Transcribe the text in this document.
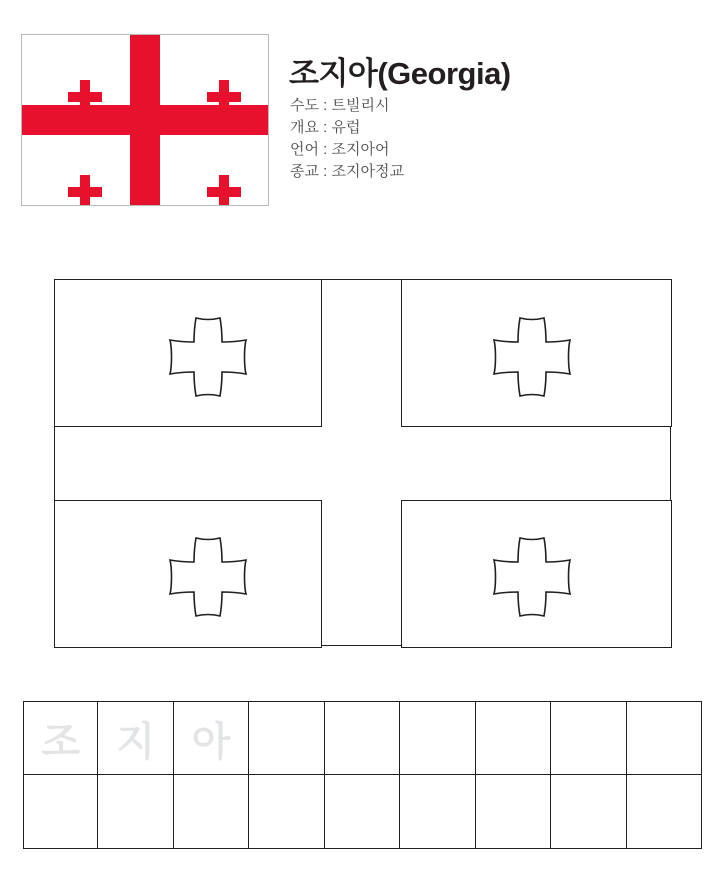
조지아(Georgia)
수도 : 트빌리시
개요 : 유럽
언어 : 조지아어
종교 : 조지아정교
조 지 아
